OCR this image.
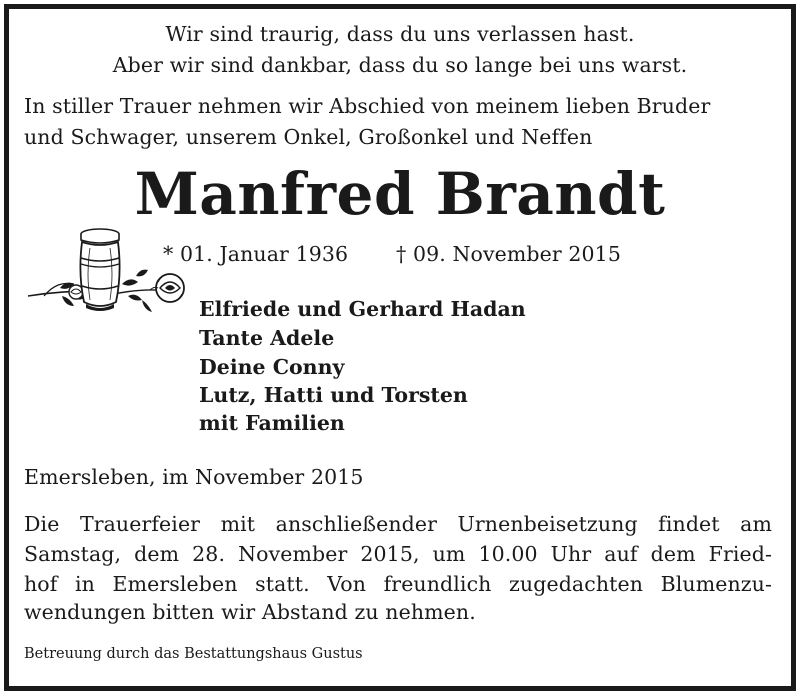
Wir sind traurig, dass du uns verlassen hast.
Aber wir sind dankbar, dass du so lange bei uns warst.
In stiller Trauer nehmen wir Abschied von meinem lieben Bruder
und Schwager, unserem Onkel, Großonkel und Neffen
Manfred Brandt
* 01. Januar 1936 † 09. November 2015
Elfriede und Gerhard Hadan
Tante Adele
Deine Conny
Lutz, Hatti und Torsten
mit Familien
Emersleben, im November 2015
Die Trauerfeier mit anschließender Urnenbeisetzung findet am
Samstag, dem 28. November 2015, um 10.00 Uhr auf dem Fried-
hof in Emersleben statt. Von freundlich zugedachten Blumenzu-
wendungen bitten wir Abstand zu nehmen.
Betreuung durch das Bestattungshaus Gustus
